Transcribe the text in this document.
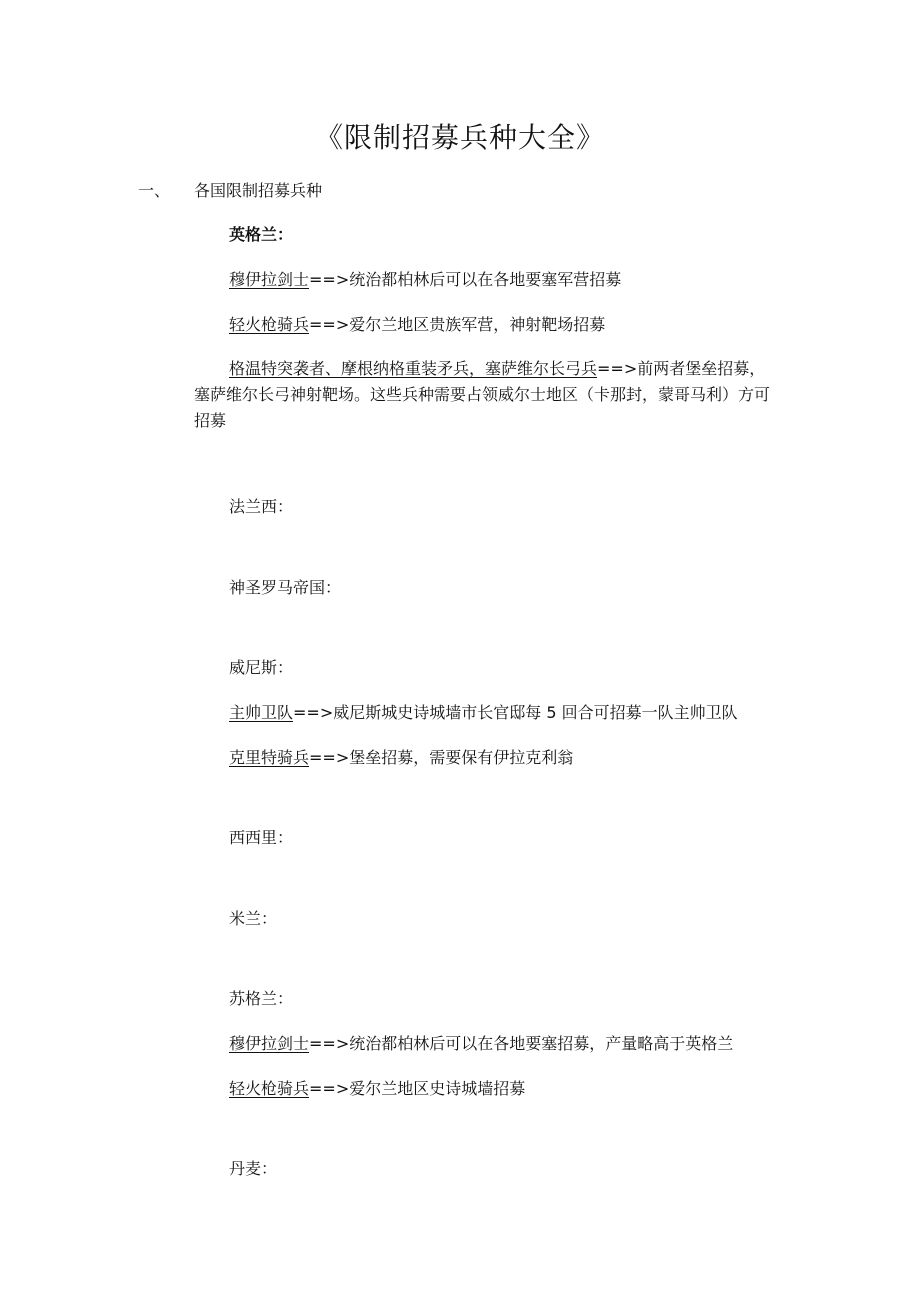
《限制招募兵种大全》
一、 各国限制招募兵种
英格兰：
穆伊拉剑士==>统治都柏林后可以在各地要塞军营招募
轻火枪骑兵==>爱尔兰地区贵族军营，神射靶场招募
格温特突袭者、摩根纳格重装矛兵，塞萨维尔长弓兵==>前两者堡垒招募，塞萨维尔长弓神射靶场。这些兵种需要占领威尔士地区（卡那封，蒙哥马利）方可招募
法兰西：
神圣罗马帝国：
威尼斯：
主帅卫队==>威尼斯城史诗城墙市长官邸每 5 回合可招募一队主帅卫队
克里特骑兵==>堡垒招募，需要保有伊拉克利翁
西西里：
米兰：
苏格兰：
穆伊拉剑士==>统治都柏林后可以在各地要塞招募，产量略高于英格兰
轻火枪骑兵==>爱尔兰地区史诗城墙招募
丹麦：
